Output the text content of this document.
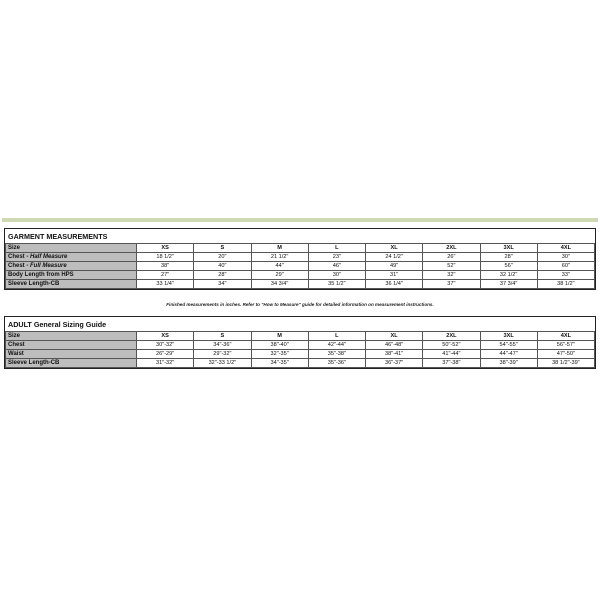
GARMENT MEASUREMENTS
Size	XS	S	M	L	XL	2XL	3XL	4XL
Chest - Half Measure	18 1/2"	20"	21 1/2"	23"	24 1/2"	26"	28"	30"
Chest - Full Measure	38"	40"	44"	46"	49"	52"	56"	60"
Body Length from HPS	27"	28"	29"	30"	31"	32"	32 1/2"	33"
Sleeve Length-CB	33 1/4"	34"	34 3/4"	35 1/2"	36 1/4"	37"	37 3/4"	38 1/2"
Finished measurements in inches. Refer to "How to Measure" guide for detailed information on measurement instructions.
ADULT General Sizing Guide
Size	XS	S	M	L	XL	2XL	3XL	4XL
Chest	30"-32"	34"-36"	38"-40"	42"-44"	46"-48"	50"-52"	54"-55"	56"-57"
Waist	26"-29"	29"-32"	32"-35"	35"-38"	38"-41"	41"-44"	44"-47"	47"-50"
Sleeve Length-CB	31"-32"	32"-33 1/2"	34"-35"	35"-36"	36"-37"	37"-38"	38"-39"	38 1/2"-39"
